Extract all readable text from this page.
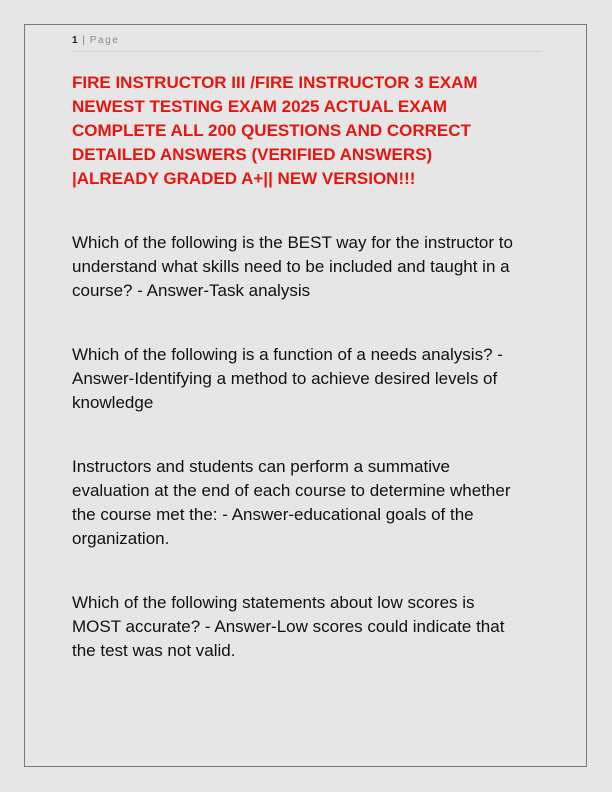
1 | Page
FIRE INSTRUCTOR III /FIRE INSTRUCTOR 3 EXAM
NEWEST TESTING EXAM 2025 ACTUAL EXAM
COMPLETE ALL 200 QUESTIONS AND CORRECT
DETAILED ANSWERS (VERIFIED ANSWERS)
|ALREADY GRADED A+|| NEW VERSION!!!

Which of the following is the BEST way for the instructor to
understand what skills need to be included and taught in a
course? - Answer-Task analysis

Which of the following is a function of a needs analysis? -
Answer-Identifying a method to achieve desired levels of
knowledge

Instructors and students can perform a summative
evaluation at the end of each course to determine whether
the course met the: - Answer-educational goals of the
organization.

Which of the following statements about low scores is
MOST accurate? - Answer-Low scores could indicate that
the test was not valid.
